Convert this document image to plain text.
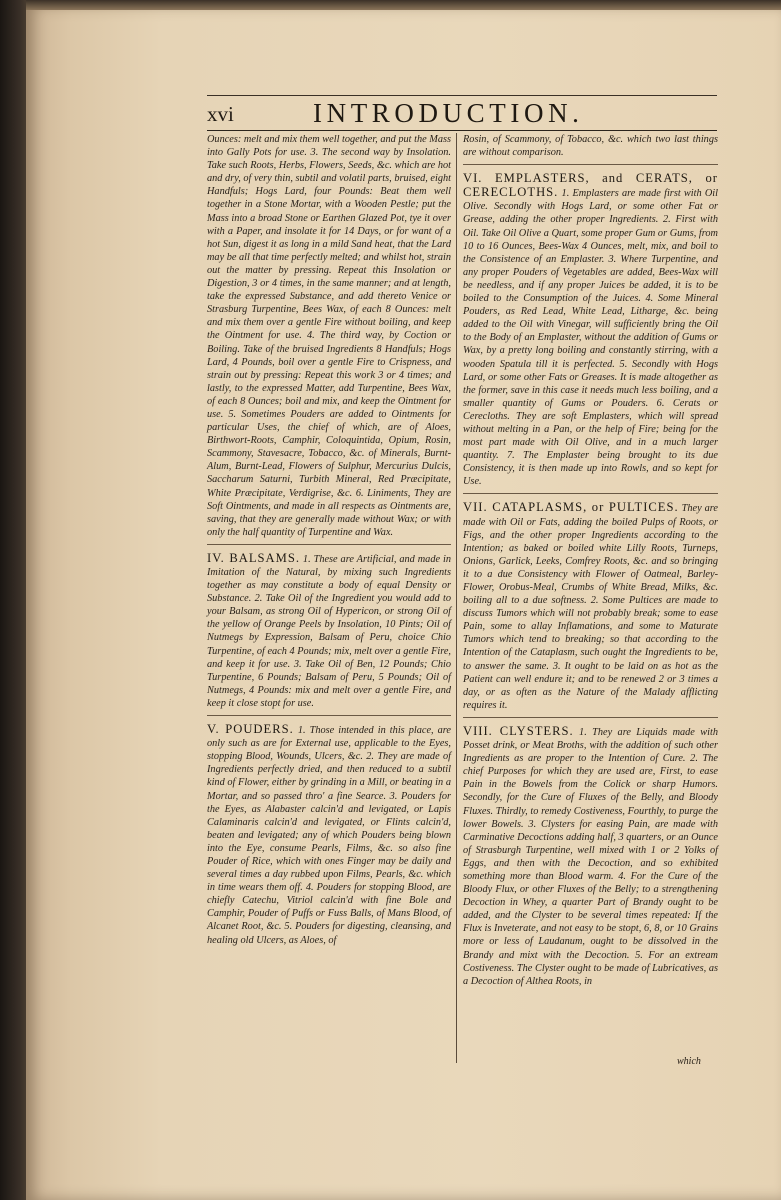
xvi	INTRODUCTION.

Ounces: melt and mix them well together, and put the Mass into Gally Pots for use. 3. The second way by Insolation. Take such Roots, Herbs, Flowers, Seeds, &c. which are hot and dry, of very thin, subtil and volatil parts, bruised, eight Handfuls; Hogs Lard, four Pounds: Beat them well together in a Stone Mortar, with a Wooden Pestle; put the Mass into a broad Stone or Earthen Glazed Pot, tye it over with a Paper, and insolate it for 14 Days, or for want of a hot Sun, digest it as long in a mild Sand heat, that the Lard may be all that time perfectly melted; and whilst hot, strain out the matter by pressing. Repeat this Insolation or Digestion, 3 or 4 times, in the same manner; and at length, take the expressed Substance, and add thereto Venice or Strasburg Turpentine, Bees Wax, of each 8 Ounces: melt and mix them over a gentle Fire without boiling, and keep the Ointment for use. 4. The third way, by Coction or Boiling. Take of the bruised Ingredients 8 Handfuls; Hogs Lard, 4 Pounds, boil over a gentle Fire to Crispness, and strain out by pressing: Repeat this work 3 or 4 times; and lastly, to the expressed Matter, add Turpentine, Bees Wax, of each 8 Ounces; boil and mix, and keep the Ointment for use. 5. Sometimes Pouders are added to Ointments for particular Uses, the chief of which, are of Aloes, Birthwort-Roots, Camphir, Coloquintida, Opium, Rosin, Scammony, Stavesacre, Tobacco, &c. of Minerals, Burnt-Alum, Burnt-Lead, Flowers of Sulphur, Mercurius Dulcis, Saccharum Saturni, Turbith Mineral, Red Præcipitate, White Præcipitate, Verdigrise, &c. 6. Liniments, They are Soft Ointments, and made in all respects as Ointments are, saving, that they are generally made without Wax; or with only the half quantity of Turpentine and Wax.

IV. BALSAMS. 1. These are Artificial, and made in Imitation of the Natural, by mixing such Ingredients together as may constitute a body of equal Density or Substance. 2. Take Oil of the Ingredient you would add to your Balsam, as strong Oil of Hypericon, or strong Oil of the yellow of Orange Peels by Insolation, 10 Pints; Oil of Nutmegs by Expression, Balsam of Peru, choice Chio Turpentine, of each 4 Pounds; mix, melt over a gentle Fire, and keep it for use. 3. Take Oil of Ben, 12 Pounds; Chio Turpentine, 6 Pounds; Balsam of Peru, 5 Pounds; Oil of Nutmegs, 4 Pounds: mix and melt over a gentle Fire, and keep it close stopt for use.

V. POUDERS. 1. Those intended in this place, are only such as are for External use, applicable to the Eyes, stopping Blood, Wounds, Ulcers, &c. 2. They are made of Ingredients perfectly dried, and then reduced to a subtil kind of Flower, either by grinding in a Mill, or beating in a Mortar, and so passed thro' a fine Searce. 3. Pouders for the Eyes, as Alabaster calcin'd and levigated, or Lapis Calaminaris calcin'd and levigated, or Flints calcin'd, beaten and levigated; any of which Pouders being blown into the Eye, consume Pearls, Films, &c. so also fine Pouder of Rice, which with ones Finger may be daily and several times a day rubbed upon Films, Pearls, &c. which in time wears them off. 4. Pouders for stopping Blood, are chiefly Catechu, Vitriol calcin'd with fine Bole and Camphir, Pouder of Puffs or Fuss Balls, of Mans Blood, of Alcanet Root, &c. 5. Pouders for digesting, cleansing, and healing old Ulcers, as Aloes, of

Rosin, of Scammony, of Tobacco, &c. which two last things are without comparison.

VI. EMPLASTERS, and CERATS, or CERECLOTHS. 1. Emplasters are made first with Oil Olive. Secondly with Hogs Lard, or some other Fat or Grease, adding the other proper Ingredients. 2. First with Oil. Take Oil Olive a Quart, some proper Gum or Gums, from 10 to 16 Ounces, Bees-Wax 4 Ounces, melt, mix, and boil to the Consistence of an Emplaster. 3. Where Turpentine, and any proper Pouders of Vegetables are added, Bees-Wax will be needless, and if any proper Juices be added, it is to be boiled to the Consumption of the Juices. 4. Some Mineral Pouders, as Red Lead, White Lead, Litharge, &c. being added to the Oil with Vinegar, will sufficiently bring the Oil to the Body of an Emplaster, without the addition of Gums or Wax, by a pretty long boiling and constantly stirring, with a wooden Spatula till it is perfected. 5. Secondly with Hogs Lard, or some other Fats or Greases. It is made altogether as the former, save in this case it needs much less boiling, and a smaller quantity of Gums or Pouders. 6. Cerats or Cerecloths. They are soft Emplasters, which will spread without melting in a Pan, or the help of Fire; being for the most part made with Oil Olive, and in a much larger quantity. 7. The Emplaster being brought to its due Consistency, it is then made up into Rowls, and so kept for Use.

VII. CATAPLASMS, or PULTICES. They are made with Oil or Fats, adding the boiled Pulps of Roots, or Figs, and the other proper Ingredients according to the Intention; as baked or boiled white Lilly Roots, Turneps, Onions, Garlick, Leeks, Comfrey Roots, &c. and so bringing it to a due Consistency with Flower of Oatmeal, Barley-Flower, Orobus-Meal, Crumbs of White Bread, Milks, &c. boiling all to a due softness. 2. Some Pultices are made to discuss Tumors which will not probably break; some to ease Pain, some to allay Inflamations, and some to Maturate Tumors which tend to breaking; so that according to the Intention of the Cataplasm, such ought the Ingredients to be, to answer the same. 3. It ought to be laid on as hot as the Patient can well endure it; and to be renewed 2 or 3 times a day, or as often as the Nature of the Malady afflicting requires it.

VIII. CLYSTERS. 1. They are Liquids made with Posset drink, or Meat Broths, with the addition of such other Ingredients as are proper to the Intention of Cure. 2. The chief Purposes for which they are used are, First, to ease Pain in the Bowels from the Colick or sharp Humors. Secondly, for the Cure of Fluxes of the Belly, and Bloody Fluxes. Thirdly, to remedy Costiveness, Fourthly, to purge the lower Bowels. 3. Clysters for easing Pain, are made with Carminative Decoctions adding half, 3 quarters, or an Ounce of Strasburgh Turpentine, well mixed with 1 or 2 Yolks of Eggs, and then with the Decoction, and so exhibited something more than Blood warm. 4. For the Cure of the Bloody Flux, or other Fluxes of the Belly; to a strengthening Decoction in Whey, a quarter Part of Brandy ought to be added, and the Clyster to be several times repeated: If the Flux is Inveterate, and not easy to be stopt, 6, 8, or 10 Grains more or less of Laudanum, ought to be dissolved in the Brandy and mixt with the Decoction. 5. For an extream Costiveness. The Clyster ought to be made of Lubricatives, as a Decoction of Althea Roots, in

which
